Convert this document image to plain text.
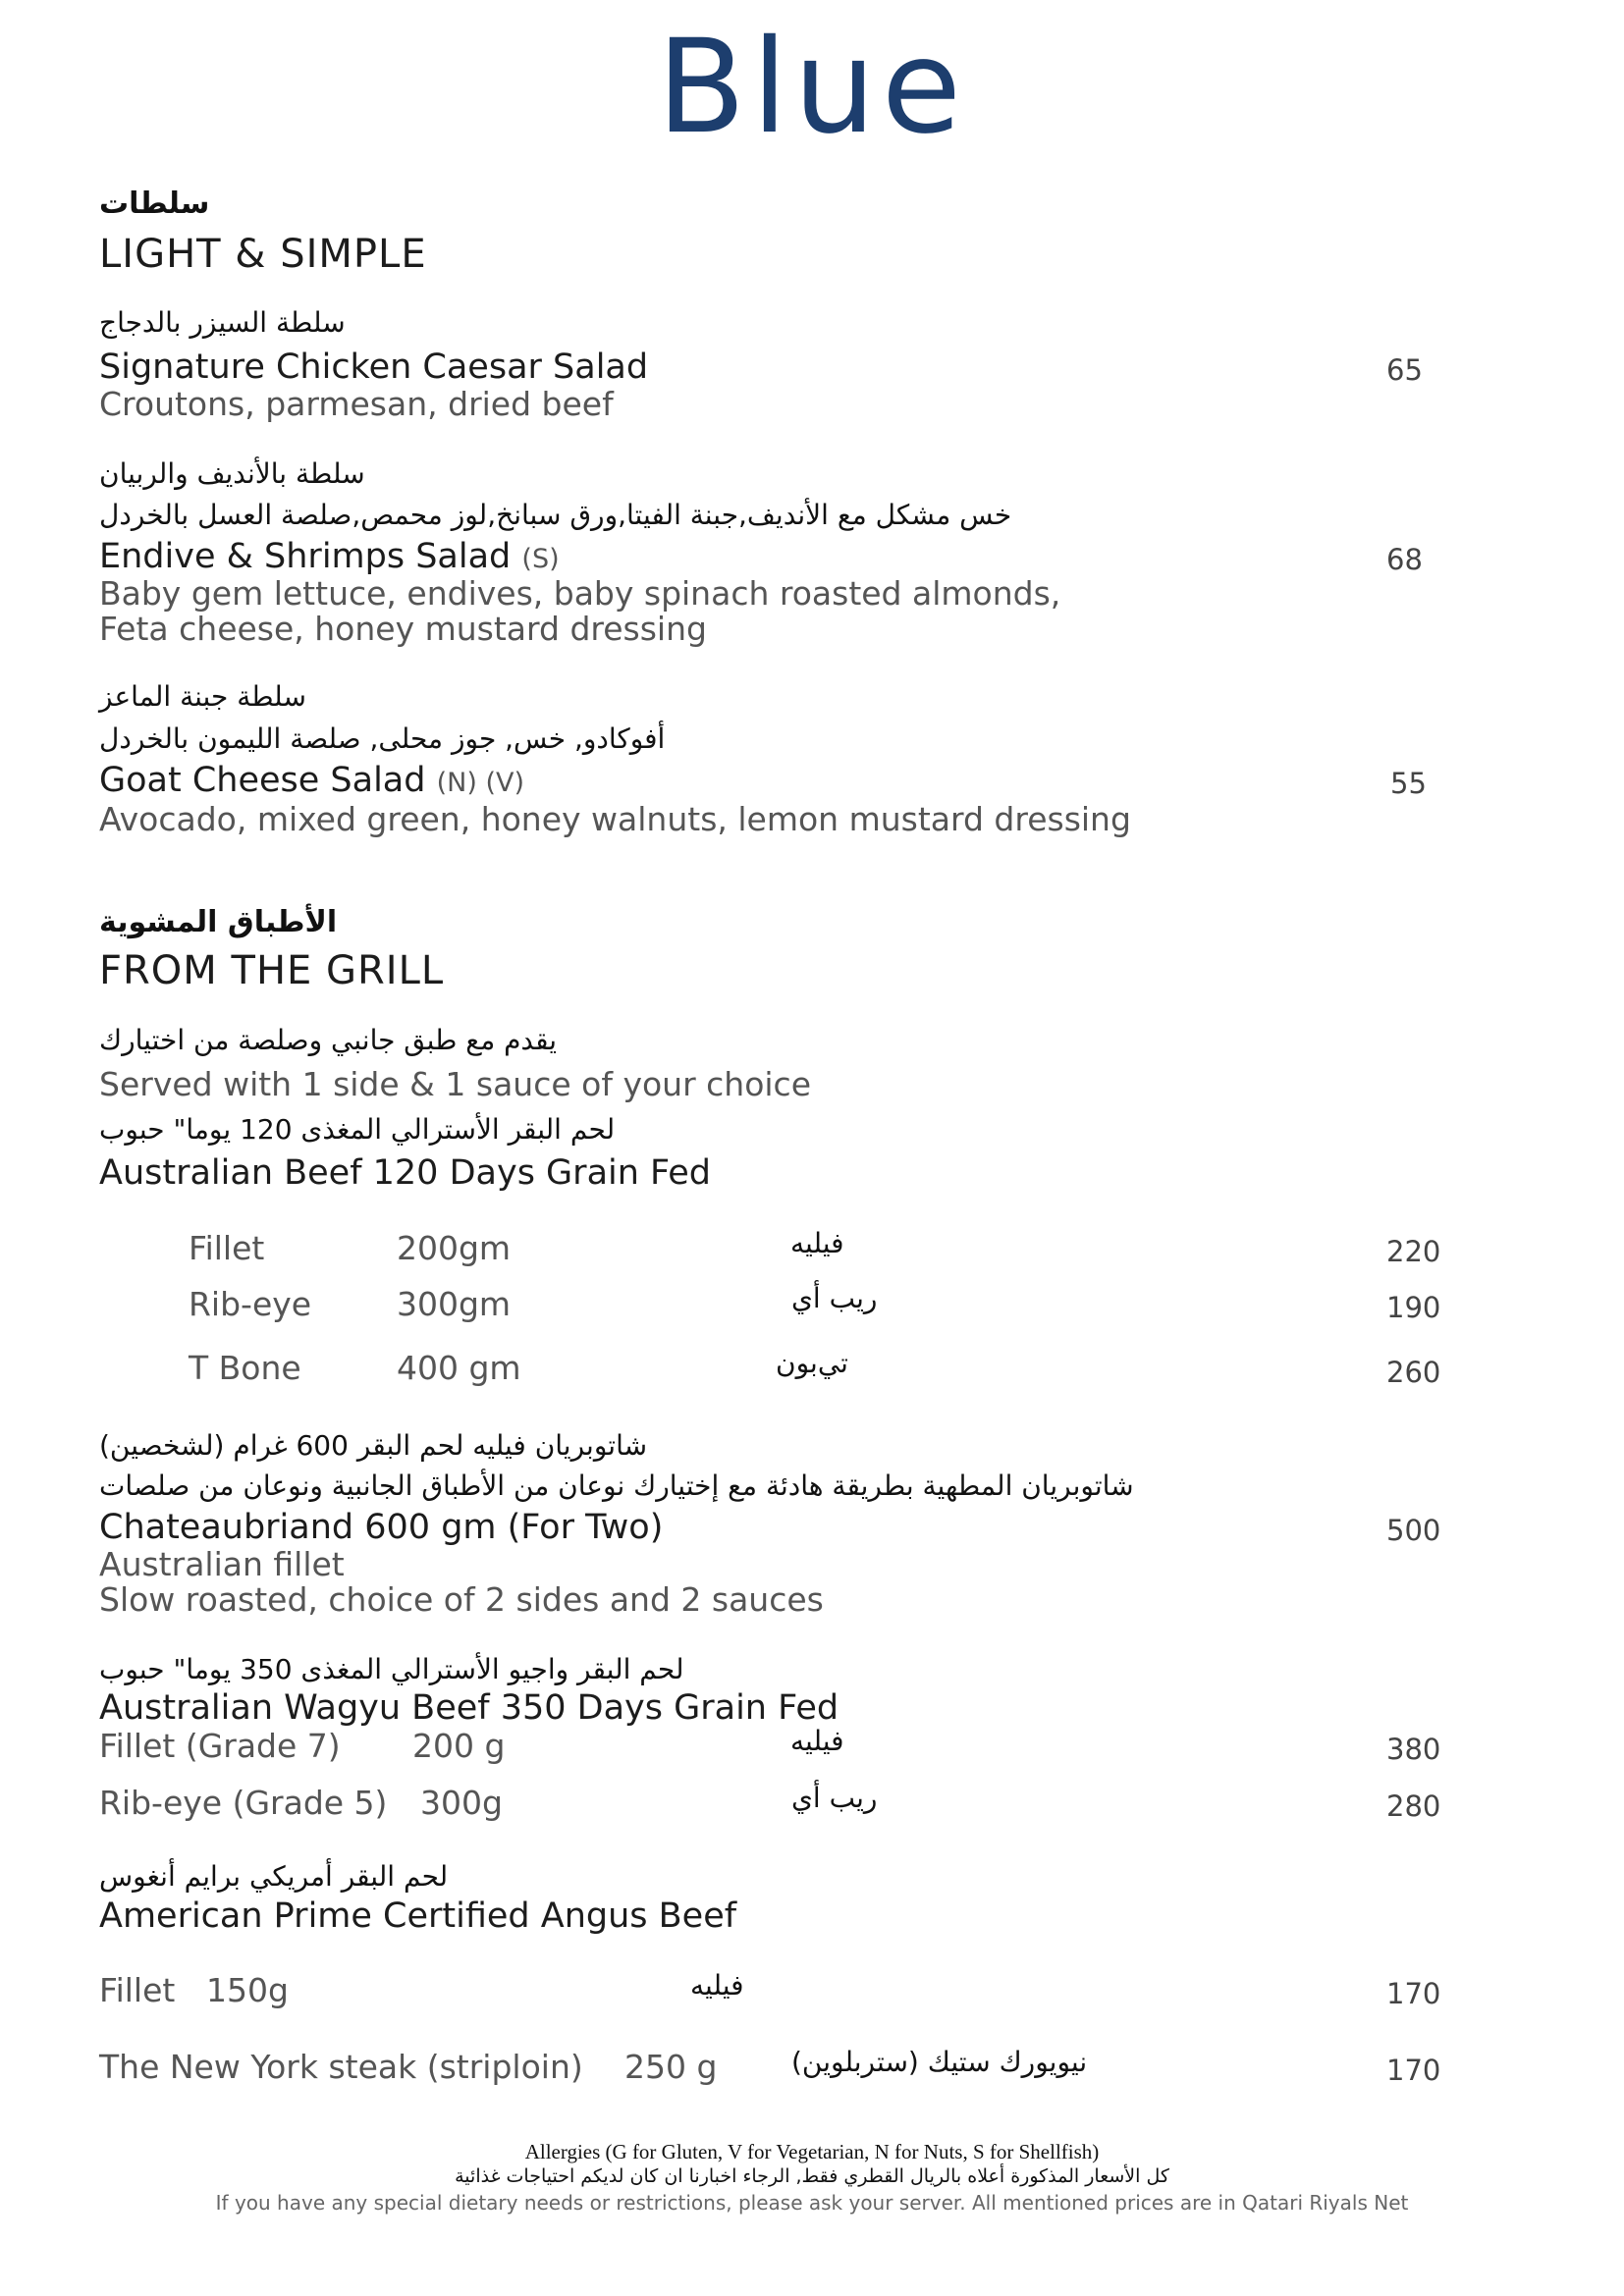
Blue
سلطات
LIGHT & SIMPLE
سلطة السيزر بالدجاج
Signature Chicken Caesar Salad	65
Croutons, parmesan, dried beef
سلطة بالأنديف والربيان
خس مشكل مع الأنديف,جبنة الفيتا,ورق سبانخ,لوز محمص,صلصة العسل بالخردل
Endive & Shrimps Salad (S)	68
Baby gem lettuce, endives, baby spinach roasted almonds,
Feta cheese, honey mustard dressing
سلطة جبنة الماعز
أفوكادو, خس, جوز محلى, صلصة الليمون بالخردل
Goat Cheese Salad (N) (V)	55
Avocado, mixed green, honey walnuts, lemon mustard dressing
الأطباق المشوية
FROM THE GRILL
يقدم مع طبق جانبي وصلصة من اختيارك
Served with 1 side & 1 sauce of your choice
لحم البقر الأسترالي المغذى 120 يوما" حبوب
Australian Beef 120 Days Grain Fed
Fillet	200gm	فيليه	220
Rib-eye	300gm	ريب أي	190
T Bone	400 gm	تي‌بون	260
شاتوبريان فيليه لحم البقر 600 غرام (لشخصين)
شاتوبريان المطهية بطريقة هادئة مع إختيارك نوعان من الأطباق الجانبية ونوعان من صلصات
Chateaubriand 600 gm (For Two)	500
Australian fillet
Slow roasted, choice of 2 sides and 2 sauces
لحم البقر واجيو الأسترالي المغذى 350 يوما" حبوب
Australian Wagyu Beef 350 Days Grain Fed
Fillet (Grade 7) 200 g	فيليه	380
Rib-eye (Grade 5) 300g	ريب أي	280
لحم البقر أمريكي برايم أنغوس
American Prime Certified Angus Beef
Fillet 150g	فيليه	170
The New York steak (striploin) 250 g	نيويورك ستيك (ستربلوين)	170
Allergies (G for Gluten, V for Vegetarian, N for Nuts, S for Shellfish)
كل الأسعار المذكورة أعلاه بالريال القطري فقط, الرجاء اخبارنا ان كان لديكم احتياجات غذائية
If you have any special dietary needs or restrictions, please ask your server. All mentioned prices are in Qatari Riyals Net
